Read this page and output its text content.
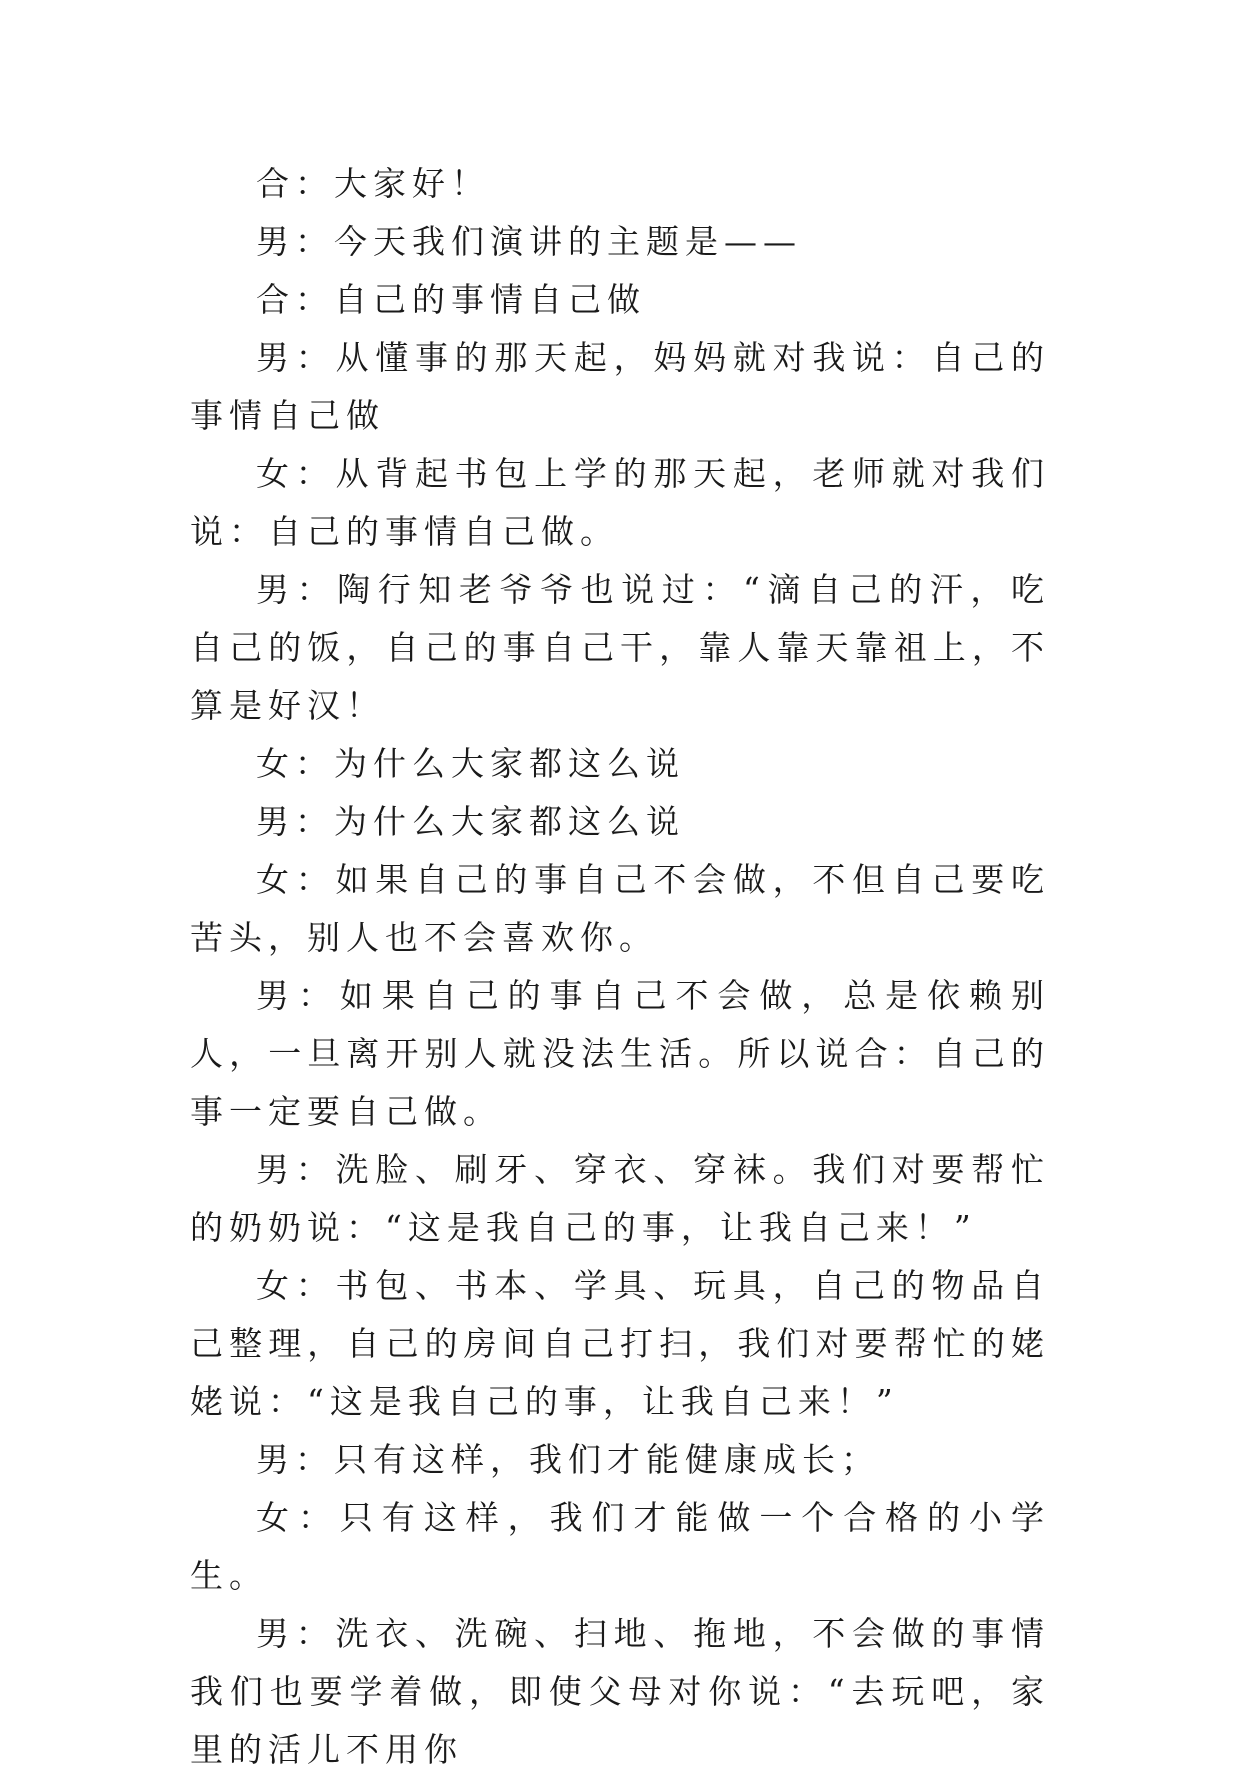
合：大家好！

男：今天我们演讲的主题是——

合：自己的事情自己做

男：从懂事的那天起，妈妈就对我说：自己的事情自己做

女：从背起书包上学的那天起，老师就对我们说：自己的事情自己做。

男：陶行知老爷爷也说过：“滴自己的汗，吃自己的饭，自己的事自己干，靠人靠天靠祖上，不算是好汉！

女：为什么大家都这么说

男：为什么大家都这么说

女：如果自己的事自己不会做，不但自己要吃苦头，别人也不会喜欢你。

男：如果自己的事自己不会做，总是依赖别人，一旦离开别人就没法生活。所以说合：自己的事一定要自己做。

男：洗脸、刷牙、穿衣、穿袜。我们对要帮忙的奶奶说：“这是我自己的事，让我自己来！”

女：书包、书本、学具、玩具，自己的物品自己整理，自己的房间自己打扫，我们对要帮忙的姥姥说：“这是我自己的事，让我自己来！”

男：只有这样，我们才能健康成长；

女：只有这样，我们才能做一个合格的小学生。

男：洗衣、洗碗、扫地、拖地，不会做的事情我们也要学着做，即使父母对你说：“去玩吧，家里的活儿不用你
